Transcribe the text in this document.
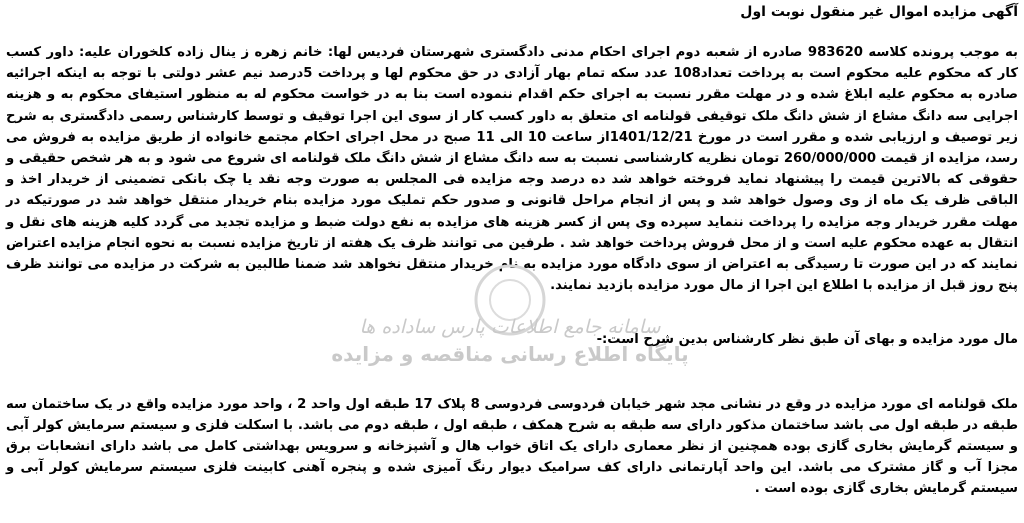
آگهی مزایده اموال غیر منقول نوبت اول

به موجب پرونده کلاسه 983620 صادره از شعبه دوم اجرای احکام مدنی دادگستری شهرستان فردیس لها: خانم زهره ز ینال زاده کلخوران علیه: داور کسب کار که محکوم علیه محکوم است به پرداخت تعداد108 عدد سکه تمام بهار آزادی در حق محکوم لها و پرداخت 5درصد نیم عشر دولتی با توجه به اینکه اجرائیه صادره به محکوم علیه ابلاغ شده و در مهلت مقرر نسبت به اجرای حکم اقدام ننموده است بنا به در خواست محکوم له به منظور استیفای محکوم به و هزینه اجرایی سه دانگ مشاع از شش دانگ ملک توقیفی قولنامه ای متعلق به داور کسب کار از سوی این اجرا توقیف و توسط کارشناس رسمی دادگستری به شرح زیر توصیف و ارزیابی شده و مقرر است در مورخ 1401/12/21از ساعت 10 الی 11 صبح در محل اجرای احکام مجتمع خانواده از طریق مزایده به فروش می رسد، مزایده از قیمت 260/000/000 تومان نظریه کارشناسی نسبت به سه دانگ مشاع از شش دانگ ملک قولنامه ای شروع می شود و به هر شخص حقیقی و حقوقی که بالاترین قیمت را پیشنهاد نماید فروخته خواهد شد ده درصد وجه مزایده فی المجلس به صورت وجه نقد یا چک بانکی تضمینی از خریدار اخذ و الباقی ظرف یک ماه از وی وصول خواهد شد و پس از انجام مراحل قانونی و صدور حکم تملیک مورد مزایده بنام خریدار منتقل خواهد شد در صورتیکه در مهلت مقرر خریدار وجه مزایده را پرداخت ننماید سپرده وی پس از کسر هزینه های مزایده به نفع دولت ضبط و مزایده تجدید می گردد کلیه هزینه های نقل و انتقال به عهده محکوم علیه است و از محل فروش پرداخت خواهد شد . طرفین می توانند ظرف یک هفته از تاریخ مزایده نسبت به نحوه انجام مزایده اعتراض نمایند که در این صورت تا رسیدگی به اعتراض از سوی دادگاه مورد مزایده به نام خریدار منتقل نخواهد شد ضمنا طالبین به شرکت در مزایده می توانند ظرف پنج روز قبل از مزایده با اطلاع این اجرا از مال مورد مزایده بازدید نمایند.

مال مورد مزایده و بهای آن طبق نظر کارشناس بدین شرح است:-

ملک قولنامه ای مورد مزایده در وقع در نشانی مجد شهر خیابان فردوسی فردوسی 8 پلاک 17 طبقه اول واحد 2 ، واحد مورد مزایده واقع در یک ساختمان سه طبقه در طبقه اول می باشد ساختمان مذکور دارای سه طبقه به شرح همکف ، طبقه اول ، طبقه دوم می باشد. با اسکلت فلزی و سیستم سرمایش کولر آبی و سیستم گرمایش بخاری گازی بوده همچنین از نظر معماری دارای یک اتاق خواب هال و آشپزخانه و سرویس بهداشتی کامل می باشد دارای انشعابات برق مجزا آب و گاز مشترک می باشد. این واحد آپارتمانی دارای کف سرامیک دیوار رنگ آمیزی شده و پنجره آهنی کابینت فلزی سیستم سرمایش کولر آبی و سیستم گرمایش بخاری گازی بوده است .

سامانه جامع اطلاعات پارس ساداده ها
پایگاه اطلاع رسانی مناقصه و مزایده
